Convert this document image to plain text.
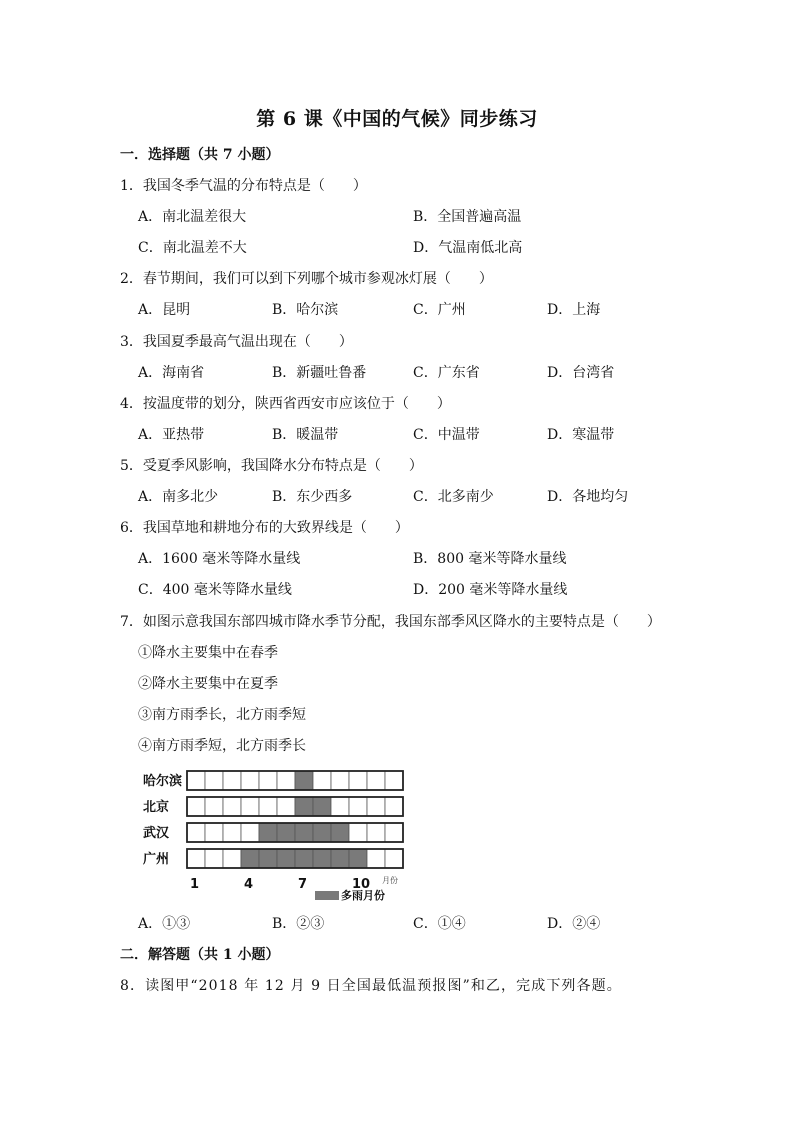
第 6 课《中国的气候》同步练习
一．选择题（共 7 小题）
1．我国冬季气温的分布特点是（　　）
A．南北温差很大	B．全国普遍高温
C．南北温差不大	D．气温南低北高
2．春节期间，我们可以到下列哪个城市参观冰灯展（　　）
A．昆明	B．哈尔滨	C．广州	D．上海
3．我国夏季最高气温出现在（　　）
A．海南省	B．新疆吐鲁番	C．广东省	D．台湾省
4．按温度带的划分，陕西省西安市应该位于（　　）
A．亚热带	B．暖温带	C．中温带	D．寒温带
5．受夏季风影响，我国降水分布特点是（　　）
A．南多北少	B．东少西多	C．北多南少	D．各地均匀
6．我国草地和耕地分布的大致界线是（　　）
A．1600 毫米等降水量线	B．800 毫米等降水量线
C．400 毫米等降水量线	D．200 毫米等降水量线
7．如图示意我国东部四城市降水季节分配，我国东部季风区降水的主要特点是（　　）
①降水主要集中在春季
②降水主要集中在夏季
③南方雨季长，北方雨季短
④南方雨季短，北方雨季长
哈尔滨
北京
武汉
广州
1	4	7	10 月份
多雨月份
A．①③	B．②③	C．①④	D．②④
二．解答题（共 1 小题）
8．读图甲“2018 年 12 月 9 日全国最低温预报图”和乙，完成下列各题。
